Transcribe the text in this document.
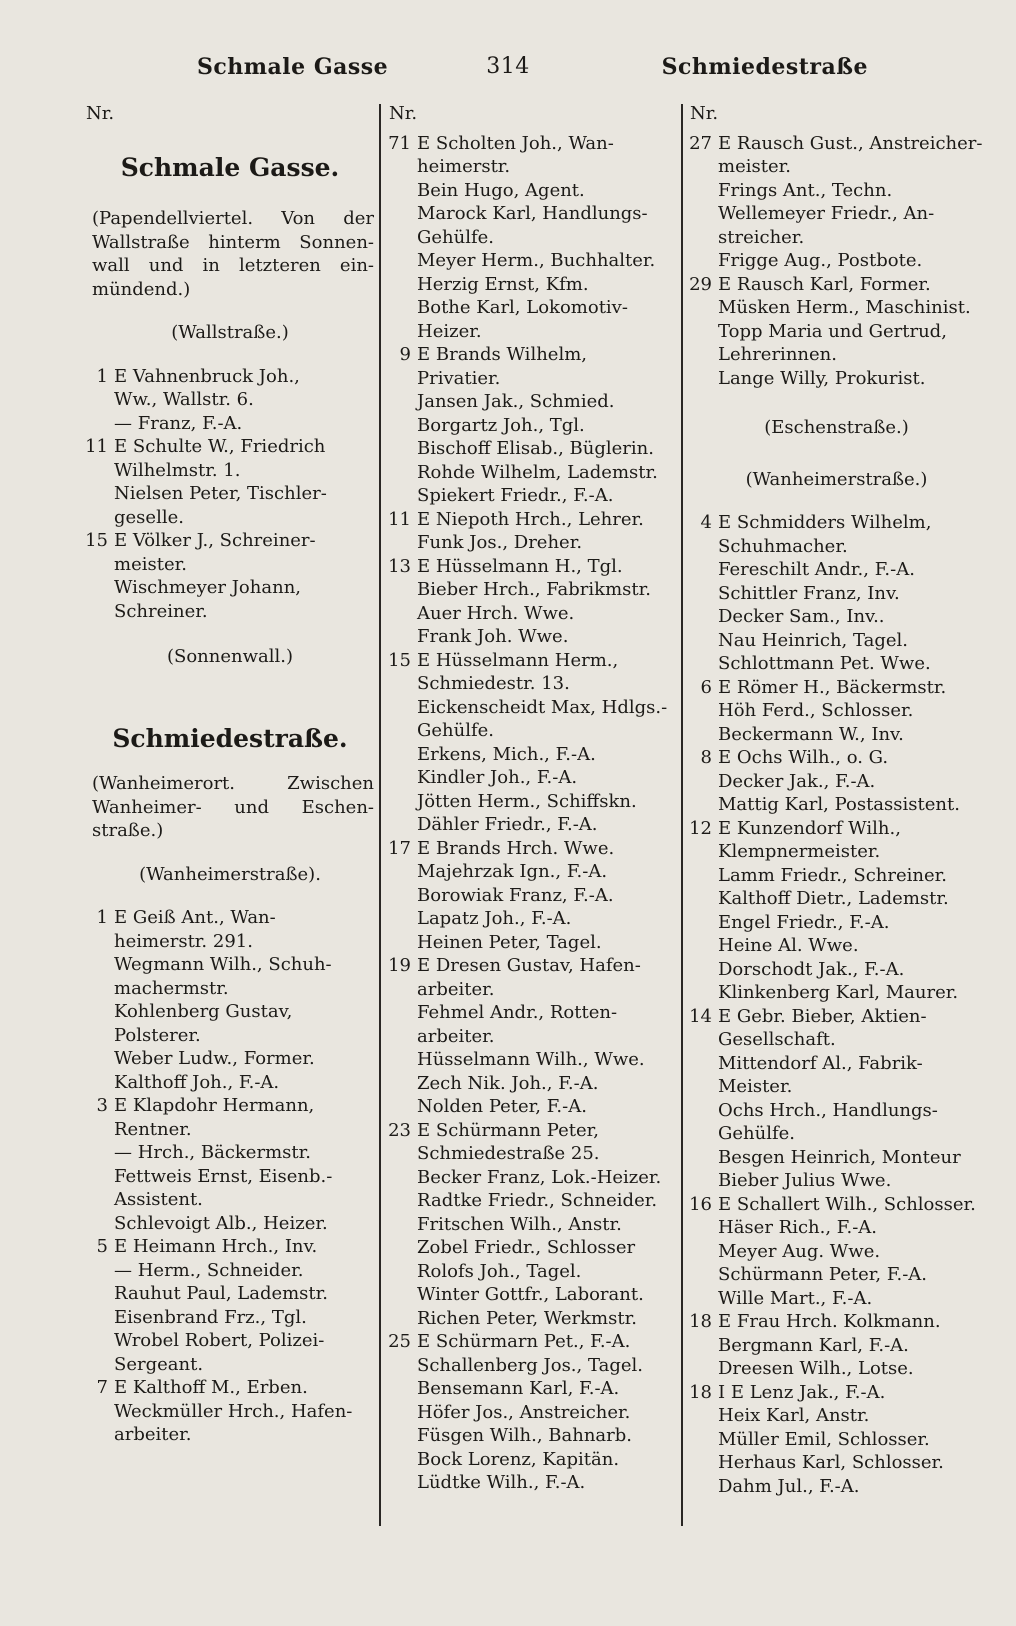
Schmale Gasse	314	Schmiedestraße
Nr.
Schmale Gasse.
(Papendellviertel. Von der Wallstraße hinterm Sonnen- wall und in letzteren ein- mündend.)
(Wallstraße.)
1 E Vahnenbruck Joh.,
Ww., Wallstr. 6.
— Franz, F.-A.
11 E Schulte W., Friedrich
Wilhelmstr. 1.
Nielsen Peter, Tischler-
geselle.
15 E Völker J., Schreiner-
meister.
Wischmeyer Johann,
Schreiner.
(Sonnenwall.)
Schmiedestraße.
(Wanheimerort. Zwischen Wanheimer- und Eschen- straße.)
(Wanheimerstraße).
1 E Geiß Ant., Wan-
heimerstr. 291.
Wegmann Wilh., Schuh-
machermstr.
Kohlenberg Gustav,
Polsterer.
Weber Ludw., Former.
Kalthoff Joh., F.-A.
3 E Klapdohr Hermann,
Rentner.
— Hrch., Bäckermstr.
Fettweis Ernst, Eisenb.-
Assistent.
Schlevoigt Alb., Heizer.
5 E Heimann Hrch., Inv.
— Herm., Schneider.
Rauhut Paul, Lademstr.
Eisenbrand Frz., Tgl.
Wrobel Robert, Polizei-
Sergeant.
7 E Kalthoff M., Erben.
Weckmüller Hrch., Hafen-
arbeiter.
Nr.
71 E Scholten Joh., Wan-
heimerstr.
Bein Hugo, Agent.
Marock Karl, Handlungs-
Gehülfe.
Meyer Herm., Buchhalter.
Herzig Ernst, Kfm.
Bothe Karl, Lokomotiv-
Heizer.
9 E Brands Wilhelm,
Privatier.
Jansen Jak., Schmied.
Borgartz Joh., Tgl.
Bischoff Elisab., Büglerin.
Rohde Wilhelm, Lademstr.
Spiekert Friedr., F.-A.
11 E Niepoth Hrch., Lehrer.
Funk Jos., Dreher.
13 E Hüsselmann H., Tgl.
Bieber Hrch., Fabrikmstr.
Auer Hrch. Wwe.
Frank Joh. Wwe.
15 E Hüsselmann Herm.,
Schmiedestr. 13.
Eickenscheidt Max, Hdlgs.-
Gehülfe.
Erkens, Mich., F.-A.
Kindler Joh., F.-A.
Jötten Herm., Schiffskn.
Dähler Friedr., F.-A.
17 E Brands Hrch. Wwe.
Majehrzak Ign., F.-A.
Borowiak Franz, F.-A.
Lapatz Joh., F.-A.
Heinen Peter, Tagel.
19 E Dresen Gustav, Hafen-
arbeiter.
Fehmel Andr., Rotten-
arbeiter.
Hüsselmann Wilh., Wwe.
Zech Nik. Joh., F.-A.
Nolden Peter, F.-A.
23 E Schürmann Peter,
Schmiedestraße 25.
Becker Franz, Lok.-Heizer.
Radtke Friedr., Schneider.
Fritschen Wilh., Anstr.
Zobel Friedr., Schlosser
Rolofs Joh., Tagel.
Winter Gottfr., Laborant.
Richen Peter, Werkmstr.
25 E Schürmarn Pet., F.-A.
Schallenberg Jos., Tagel.
Bensemann Karl, F.-A.
Höfer Jos., Anstreicher.
Füsgen Wilh., Bahnarb.
Bock Lorenz, Kapitän.
Lüdtke Wilh., F.-A.
Nr.
27 E Rausch Gust., Anstreicher-
meister.
Frings Ant., Techn.
Wellemeyer Friedr., An-
streicher.
Frigge Aug., Postbote.
29 E Rausch Karl, Former.
Müsken Herm., Maschinist.
Topp Maria und Gertrud,
Lehrerinnen.
Lange Willy, Prokurist.
(Eschenstraße.)
(Wanheimerstraße.)
4 E Schmidders Wilhelm,
Schuhmacher.
Fereschilt Andr., F.-A.
Schittler Franz, Inv.
Decker Sam., Inv..
Nau Heinrich, Tagel.
Schlottmann Pet. Wwe.
6 E Römer H., Bäckermstr.
Höh Ferd., Schlosser.
Beckermann W., Inv.
8 E Ochs Wilh., o. G.
Decker Jak., F.-A.
Mattig Karl, Postassistent.
12 E Kunzendorf Wilh.,
Klempnermeister.
Lamm Friedr., Schreiner.
Kalthoff Dietr., Lademstr.
Engel Friedr., F.-A.
Heine Al. Wwe.
Dorschodt Jak., F.-A.
Klinkenberg Karl, Maurer.
14 E Gebr. Bieber, Aktien-
Gesellschaft.
Mittendorf Al., Fabrik-
Meister.
Ochs Hrch., Handlungs-
Gehülfe.
Besgen Heinrich, Monteur
Bieber Julius Wwe.
16 E Schallert Wilh., Schlosser.
Häser Rich., F.-A.
Meyer Aug. Wwe.
Schürmann Peter, F.-A.
Wille Mart., F.-A.
18 E Frau Hrch. Kolkmann.
Bergmann Karl, F.-A.
Dreesen Wilh., Lotse.
18 I E Lenz Jak., F.-A.
Heix Karl, Anstr.
Müller Emil, Schlosser.
Herhaus Karl, Schlosser.
Dahm Jul., F.-A.
